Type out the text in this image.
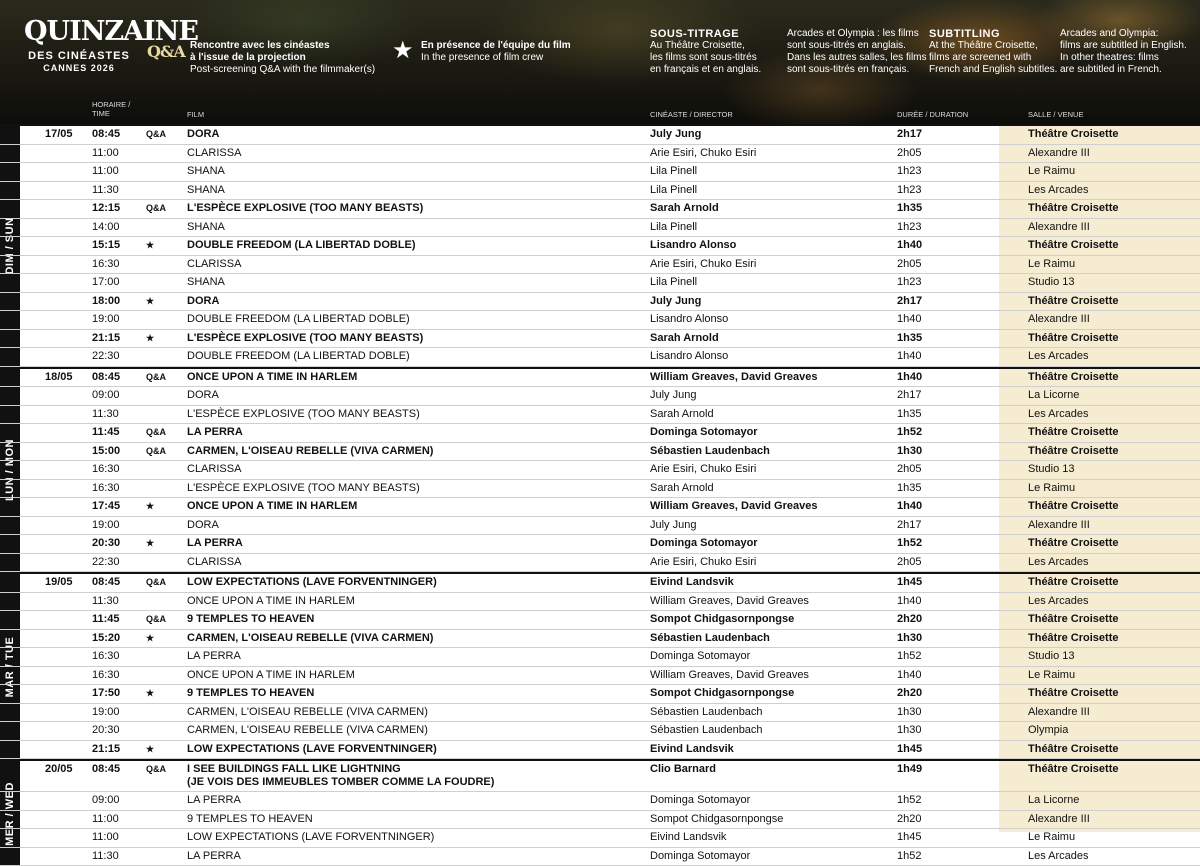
QUINZAINE
DES CINÉASTES
CANNES 2026
Q&A Rencontre avec les cinéastes
à l'issue de la projection
Post-screening Q&A with the filmmaker(s)
★ En présence de l'équipe du film
In the presence of film crew
SOUS-TITRAGE
Au Théâtre Croisette,
les films sont sous-titrés
en français et en anglais.
Arcades et Olympia : les films
sont sous-titrés en anglais.
Dans les autres salles, les films
sont sous-titrés en français.
SUBTITLING
At the Théâtre Croisette,
films are screened with
French and English subtitles.
Arcades and Olympia:
films are subtitled in English.
In other theatres: films
are subtitled in French.
HORAIRE /
TIME	FILM	CINÉASTE / DIRECTOR	DURÉE / DURATION	SALLE / VENUE
DIM / SUN
17/05 08:45	Q&A DORA	July Jung	2h17	Théâtre Croisette
11:00	CLARISSA	Arie Esiri, Chuko Esiri	2h05	Alexandre III
11:00	SHANA	Lila Pinell	1h23	Le Raimu
11:30	SHANA	Lila Pinell	1h23	Les Arcades
12:15	Q&A L'ESPÈCE EXPLOSIVE (TOO MANY BEASTS)	Sarah Arnold	1h35	Théâtre Croisette
14:00	SHANA	Lila Pinell	1h23	Alexandre III
15:15	★	DOUBLE FREEDOM (LA LIBERTAD DOBLE)	Lisandro Alonso	1h40	Théâtre Croisette
16:30	CLARISSA	Arie Esiri, Chuko Esiri	2h05	Le Raimu
17:00	SHANA	Lila Pinell	1h23	Studio 13
18:00	★	DORA	July Jung	2h17	Théâtre Croisette
19:00	DOUBLE FREEDOM (LA LIBERTAD DOBLE)	Lisandro Alonso	1h40	Alexandre III
21:15	★	L'ESPÈCE EXPLOSIVE (TOO MANY BEASTS)	Sarah Arnold	1h35	Théâtre Croisette
22:30	DOUBLE FREEDOM (LA LIBERTAD DOBLE)	Lisandro Alonso	1h40	Les Arcades
LUN / MON
18/05 08:45	Q&A ONCE UPON A TIME IN HARLEM	William Greaves, David Greaves	1h40	Théâtre Croisette
09:00	DORA	July Jung	2h17	La Licorne
11:30	L'ESPÈCE EXPLOSIVE (TOO MANY BEASTS)	Sarah Arnold	1h35	Les Arcades
11:45	Q&A LA PERRA	Dominga Sotomayor	1h52	Théâtre Croisette
15:00	Q&A CARMEN, L'OISEAU REBELLE (VIVA CARMEN)	Sébastien Laudenbach	1h30	Théâtre Croisette
16:30	CLARISSA	Arie Esiri, Chuko Esiri	2h05	Studio 13
16:30	L'ESPÈCE EXPLOSIVE (TOO MANY BEASTS)	Sarah Arnold	1h35	Le Raimu
17:45	★	ONCE UPON A TIME IN HARLEM	William Greaves, David Greaves	1h40	Théâtre Croisette
19:00	DORA	July Jung	2h17	Alexandre III
20:30	★	LA PERRA	Dominga Sotomayor	1h52	Théâtre Croisette
22:30	CLARISSA	Arie Esiri, Chuko Esiri	2h05	Les Arcades
MAR / TUE
19/05 08:45	Q&A LOW EXPECTATIONS (LAVE FORVENTNINGER)	Eivind Landsvik	1h45	Théâtre Croisette
11:30	ONCE UPON A TIME IN HARLEM	William Greaves, David Greaves	1h40	Les Arcades
11:45	Q&A 9 TEMPLES TO HEAVEN	Sompot Chidgasornpongse	2h20	Théâtre Croisette
15:20	★	CARMEN, L'OISEAU REBELLE (VIVA CARMEN)	Sébastien Laudenbach	1h30	Théâtre Croisette
16:30	LA PERRA	Dominga Sotomayor	1h52	Studio 13
16:30	ONCE UPON A TIME IN HARLEM	William Greaves, David Greaves	1h40	Le Raimu
17:50	★	9 TEMPLES TO HEAVEN	Sompot Chidgasornpongse	2h20	Théâtre Croisette
19:00	CARMEN, L'OISEAU REBELLE (VIVA CARMEN)	Sébastien Laudenbach	1h30	Alexandre III
20:30	CARMEN, L'OISEAU REBELLE (VIVA CARMEN)	Sébastien Laudenbach	1h30	Olympia
21:15	★	LOW EXPECTATIONS (LAVE FORVENTNINGER)	Eivind Landsvik	1h45	Théâtre Croisette
MER / WED
20/05 08:45	Q&A I SEE BUILDINGS FALL LIKE LIGHTNING	Clio Barnard	1h49	Théâtre Croisette
(JE VOIS DES IMMEUBLES TOMBER COMME LA FOUDRE)
09:00	LA PERRA	Dominga Sotomayor	1h52	La Licorne
11:00	9 TEMPLES TO HEAVEN	Sompot Chidgasornpongse	2h20	Alexandre III
11:00	LOW EXPECTATIONS (LAVE FORVENTNINGER)	Eivind Landsvik	1h45	Le Raimu
11:30	LA PERRA	Dominga Sotomayor	1h52	Les Arcades
